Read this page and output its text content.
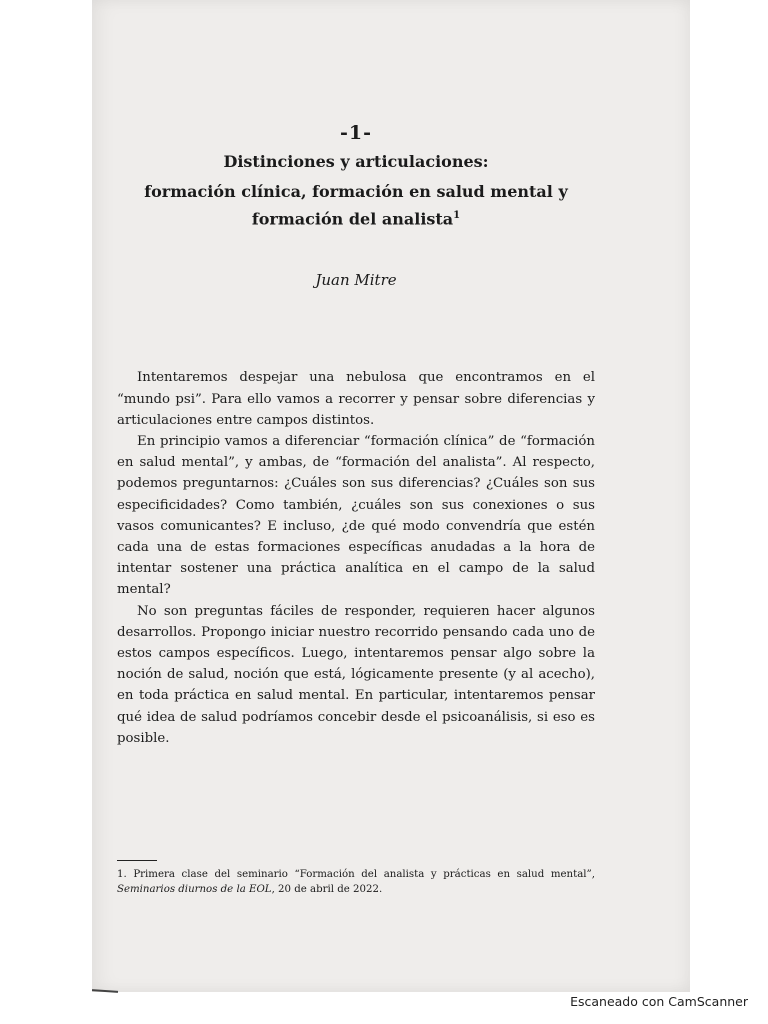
-1-
Distinciones y articulaciones:
formación clínica, formación en salud mental y formación del analista$^1$
Juan Mitre

Intentaremos despejar una nebulosa que encontramos en el “mundo psi”. Para ello vamos a recorrer y pensar sobre diferencias y articulaciones entre campos distintos.

En principio vamos a diferenciar “formación clínica” de “formación en salud mental”, y ambas, de “formación del analista”. Al respecto, podemos preguntarnos: ¿Cuáles son sus diferencias? ¿Cuáles son sus especificidades? Como también, ¿cuáles son sus conexiones o sus vasos comunicantes? E incluso, ¿de qué modo convendría que estén cada una de estas formaciones específicas anudadas a la hora de intentar sostener una práctica analítica en el campo de la salud mental?

No son preguntas fáciles de responder, requieren hacer algunos desarrollos. Propongo iniciar nuestro recorrido pensando cada uno de estos campos específicos. Luego, intentaremos pensar algo sobre la noción de salud, noción que está, lógicamente presente (y al acecho), en toda práctica en salud mental. En particular, intentaremos pensar qué idea de salud podríamos concebir desde el psicoanálisis, si eso es posible.

1. Primera clase del seminario “Formación del analista y prácticas en salud mental”, Seminarios diurnos de la EOL, 20 de abril de 2022.
Escaneado con CamScanner
